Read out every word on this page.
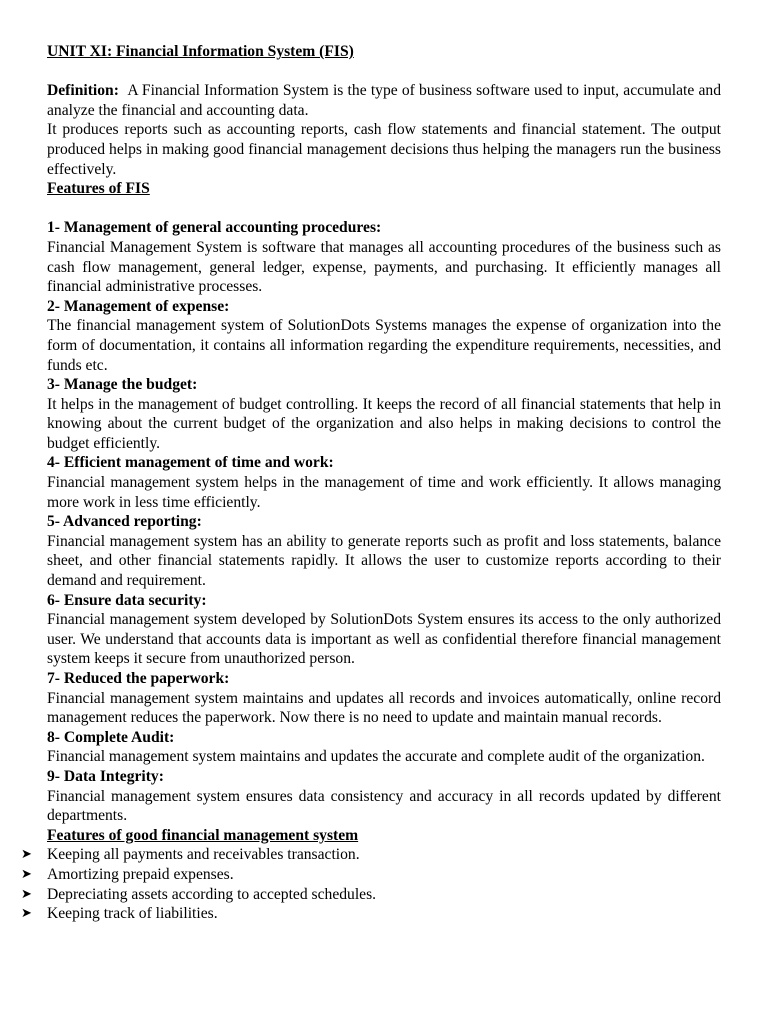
UNIT XI: Financial Information System (FIS)

Definition: A Financial Information System is the type of business software used to input, accumulate and analyze the financial and accounting data.

It produces reports such as accounting reports, cash flow statements and financial statement. The output produced helps in making good financial management decisions thus helping the managers run the business effectively.

Features of FIS

1- Management of general accounting procedures:

Financial Management System is software that manages all accounting procedures of the business such as cash flow management, general ledger, expense, payments, and purchasing. It efficiently manages all financial administrative processes.

2- Management of expense:

The financial management system of SolutionDots Systems manages the expense of organization into the form of documentation, it contains all information regarding the expenditure requirements, necessities, and funds etc.

3- Manage the budget:

It helps in the management of budget controlling. It keeps the record of all financial statements that help in knowing about the current budget of the organization and also helps in making decisions to control the budget efficiently.

4- Efficient management of time and work:

Financial management system helps in the management of time and work efficiently. It allows managing more work in less time efficiently.

5- Advanced reporting:

Financial management system has an ability to generate reports such as profit and loss statements, balance sheet, and other financial statements rapidly. It allows the user to customize reports according to their demand and requirement.

6- Ensure data security:

Financial management system developed by SolutionDots System ensures its access to the only authorized user. We understand that accounts data is important as well as confidential therefore financial management system keeps it secure from unauthorized person.

7- Reduced the paperwork:

Financial management system maintains and updates all records and invoices automatically, online record management reduces the paperwork. Now there is no need to update and maintain manual records.

8- Complete Audit:

Financial management system maintains and updates the accurate and complete audit of the organization.

9- Data Integrity:

Financial management system ensures data consistency and accuracy in all records updated by different departments.

Features of good financial management system

➤ Keeping all payments and receivables transaction.
➤ Amortizing prepaid expenses.
➤ Depreciating assets according to accepted schedules.
➤ Keeping track of liabilities.
